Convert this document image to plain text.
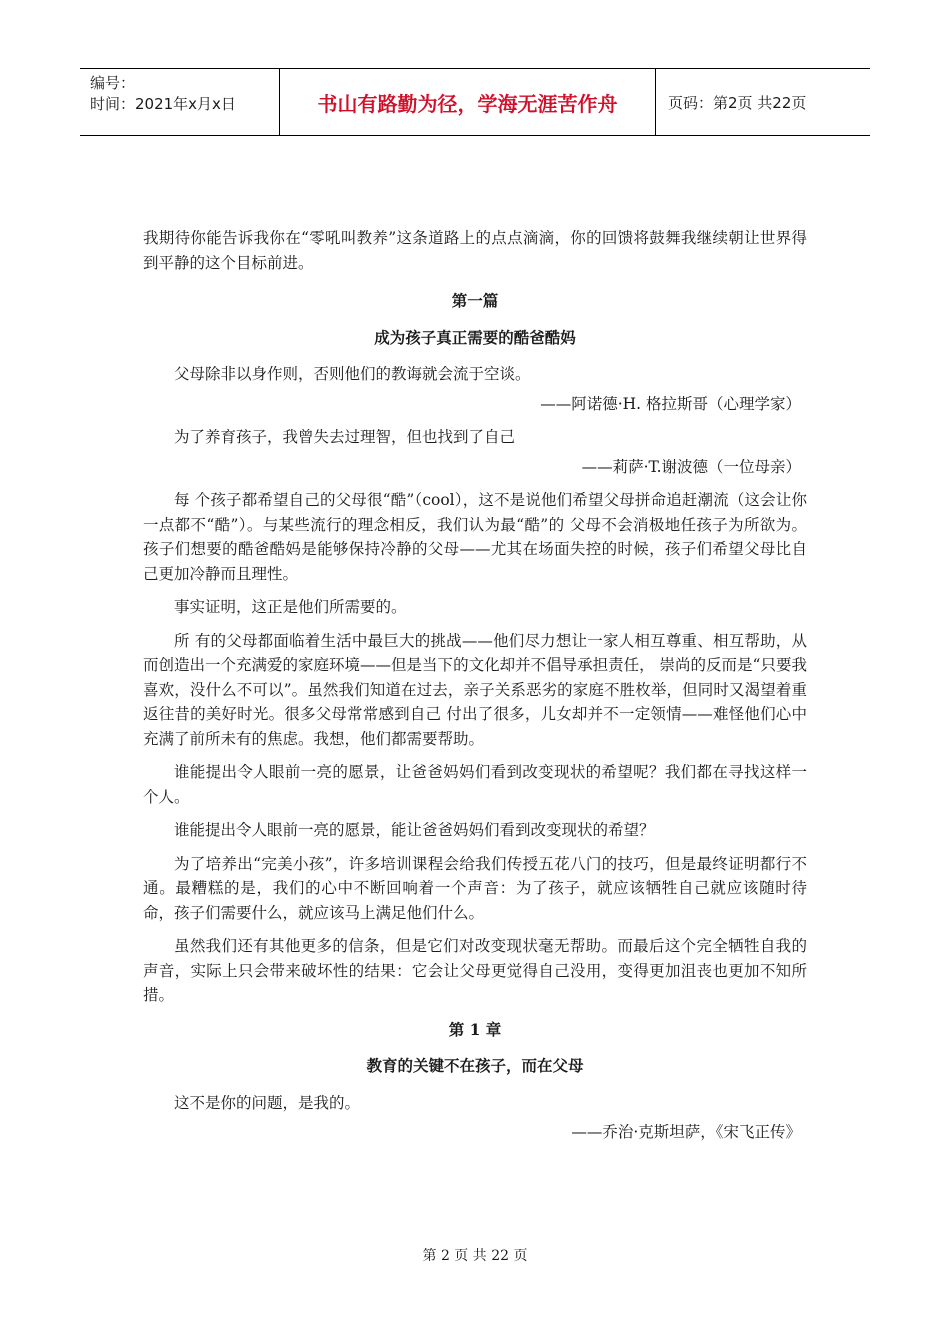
编号：
时间：2021年x月x日	书山有路勤为径，学海无涯苦作舟	页码：第2页 共22页

我期待你能告诉我你在“零吼叫教养”这条道路上的点点滴滴，你的回馈将鼓舞我继续朝让世界得到平静的这个目标前进。

第一篇
成为孩子真正需要的酷爸酷妈

父母除非以身作则，否则他们的教诲就会流于空谈。

——阿诺德·H. 格拉斯哥（心理学家）

为了养育孩子，我曾失去过理智，但也找到了自己

——莉萨·T.谢波德（一位母亲）

每 个孩子都希望自己的父母很“酷”（cool），这不是说他们希望父母拼命追赶潮流（这会让你一点都不“酷”）。与某些流行的理念相反，我们认为最“酷”的 父母不会消极地任孩子为所欲为。孩子们想要的酷爸酷妈是能够保持冷静的父母——尤其在场面失控的时候，孩子们希望父母比自己更加冷静而且理性。

事实证明，这正是他们所需要的。

所 有的父母都面临着生活中最巨大的挑战——他们尽力想让一家人相互尊重、相互帮助，从而创造出一个充满爱的家庭环境——但是当下的文化却并不倡导承担责任， 崇尚的反而是“只要我喜欢，没什么不可以”。虽然我们知道在过去，亲子关系恶劣的家庭不胜枚举，但同时又渴望着重返往昔的美好时光。很多父母常常感到自己 付出了很多，儿女却并不一定领情——难怪他们心中充满了前所未有的焦虑。我想，他们都需要帮助。

谁能提出令人眼前一亮的愿景，让爸爸妈妈们看到改变现状的希望呢？我们都在寻找这样一个人。

谁能提出令人眼前一亮的愿景，能让爸爸妈妈们看到改变现状的希望？

为了培养出“完美小孩”，许多培训课程会给我们传授五花八门的技巧，但是最终证明都行不通。最糟糕的是，我们的心中不断回响着一个声音：为了孩子，就应该牺牲自己就应该随时待命，孩子们需要什么，就应该马上满足他们什么。

虽然我们还有其他更多的信条，但是它们对改变现状毫无帮助。而最后这个完全牺牲自我的声音，实际上只会带来破坏性的结果：它会让父母更觉得自己没用，变得更加沮丧也更加不知所措。

第 1 章
教育的关键不在孩子，而在父母

这不是你的问题，是我的。

——乔治·克斯坦萨，《宋飞正传》
第 2 页 共 22 页
